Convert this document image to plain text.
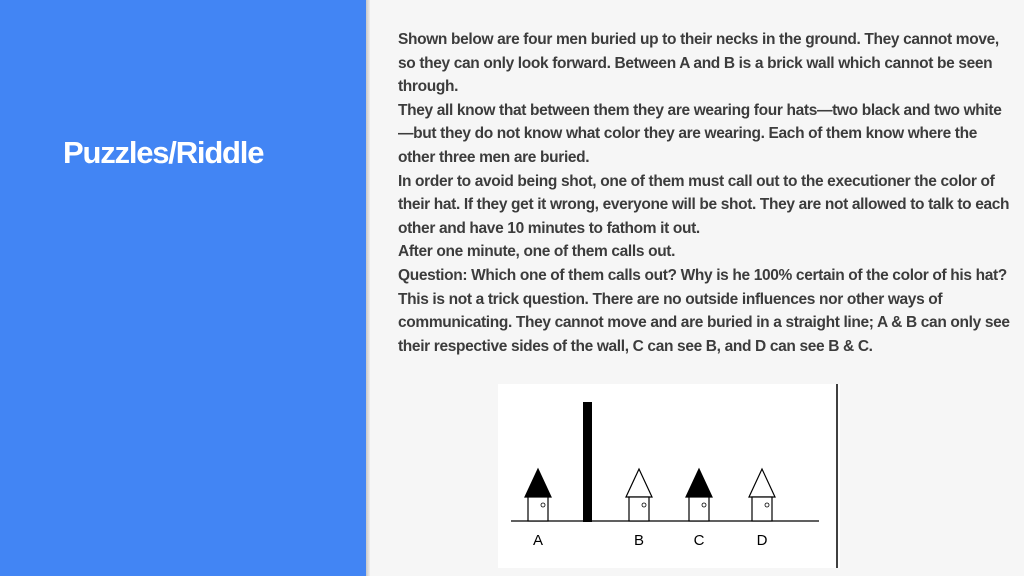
Puzzles/Riddle

Shown below are four men buried up to their necks in the ground. They cannot move, so they can only look forward. Between A and B is a brick wall which cannot be seen through.

They all know that between them they are wearing four hats—two black and two white—but they do not know what color they are wearing. Each of them know where the other three men are buried.

In order to avoid being shot, one of them must call out to the executioner the color of their hat. If they get it wrong, everyone will be shot. They are not allowed to talk to each other and have 10 minutes to fathom it out.

After one minute, one of them calls out.

Question: Which one of them calls out? Why is he 100% certain of the color of his hat?

This is not a trick question. There are no outside influences nor other ways of communicating. They cannot move and are buried in a straight line; A & B can only see their respective sides of the wall, C can see B, and D can see B & C.

A	B	C	D
